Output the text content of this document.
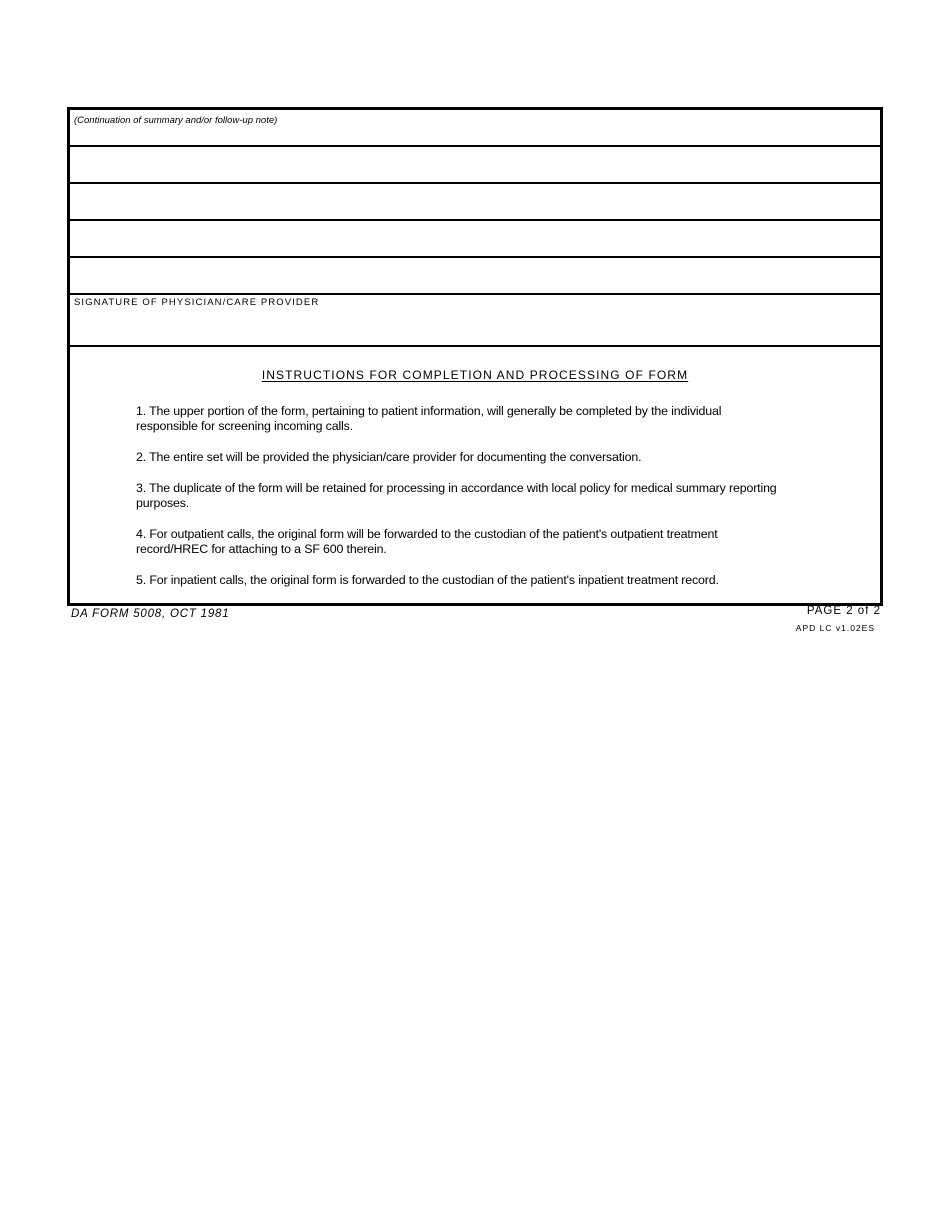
(Continuation of summary and/or follow-up note)
SIGNATURE OF PHYSICIAN/CARE PROVIDER
INSTRUCTIONS FOR COMPLETION AND PROCESSING OF FORM
1. The upper portion of the form, pertaining to patient information, will generally be completed by the individual responsible for screening incoming calls.
2. The entire set will be provided the physician/care provider for documenting the conversation.
3. The duplicate of the form will be retained for processing in accordance with local policy for medical summary reporting purposes.
4. For outpatient calls, the original form will be forwarded to the custodian of the patient's outpatient treatment record/HREC for attaching to a SF 600 therein.
5. For inpatient calls, the original form is forwarded to the custodian of the patient's inpatient treatment record.
DA FORM 5008, OCT 1981	PAGE 2 of 2
APD LC v1.02ES
